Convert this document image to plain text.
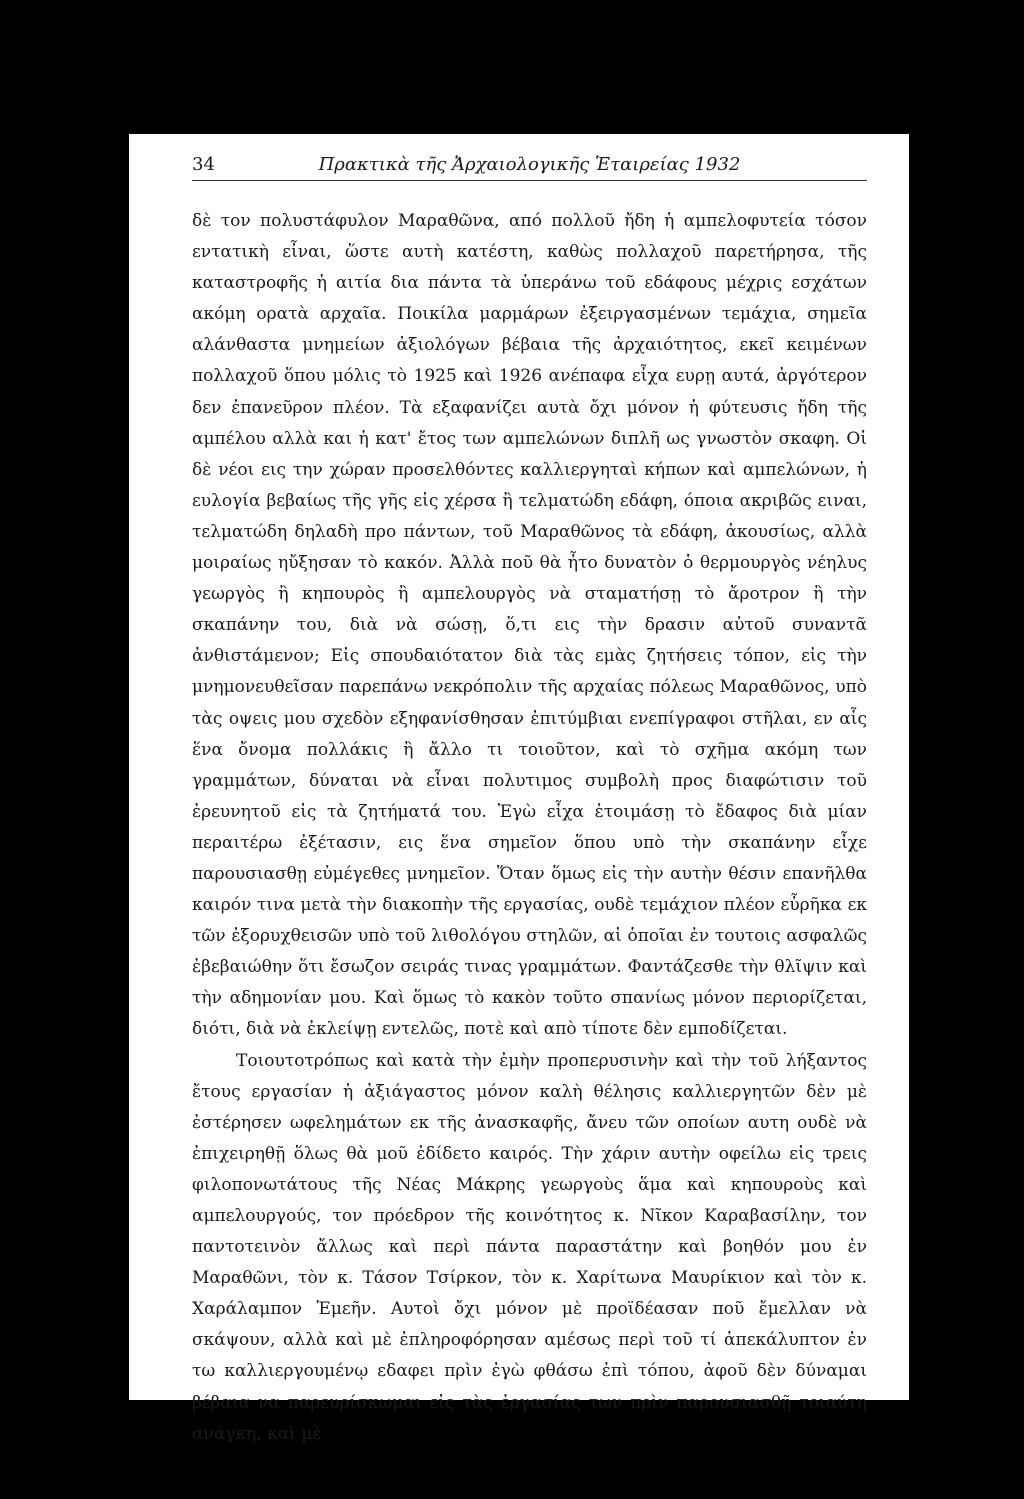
34	Πρακτικὰ τῆς Ἀρχαιολογικῆς Ἑταιρείας 1932

δὲ τον πολυστάφυλον Μαραθῶνα, από πολλοῦ ἤδη ἡ αμπελοφυτεία τόσον εντατικὴ εἶναι, ὥστε αυτὴ κατέστη, καθὼς πολλαχοῦ παρετήρησα, τῆς καταστροφῆς ἡ αιτία δια πάντα τὰ ὑπεράνω τοῦ εδάφους μέχρις εσχάτων ακόμη ορατὰ αρχαῖα. Ποικίλα μαρμάρων ἐξειργασμένων τεμάχια, σημεῖα αλάνθαστα μνημείων ἀξιολόγων βέβαια τῆς ἀρχαιότητος, εκεῖ κειμένων πολλαχοῦ ὅπου μόλις τὸ 1925 καὶ 1926 ανέπαφα εἶχα ευρῃ αυτά, ἀργότερον δεν ἐπανεῦρον πλέον. Τὰ εξαφανίζει αυτὰ ὄχι μόνον ἡ φύτευσις ἤδη τῆς αμπέλου αλλὰ και ἡ κατ' ἔτος των αμπελώνων διπλῆ ως γνωστὸν σκαφη. Οἱ δὲ νέοι εις την χώραν προσελθόντες καλλιεργηταὶ κήπων καὶ αμπελώνων, ἡ ευλογία βεβαίως τῆς γῆς εἰς χέρσα ἢ τελματώδη εδάφη, όποια ακριβῶς ειναι, τελματώδη δηλαδὴ προ πάντων, τοῦ Μαραθῶνος τὰ εδάφη, ἀκουσίως, αλλὰ μοιραίως ηὔξησαν τὸ κακόν. Ἀλλὰ ποῦ θὰ ἦτο δυνατὸν ὁ θερμουργὸς νέηλυς γεωργὸς ἢ κηπουρὸς ἢ αμπελουργὸς νὰ σταματήσῃ τὸ ἄροτρον ἢ τὴν σκαπάνην του, διὰ νὰ σώσῃ, ὅ,τι εις τὴν δρασιν αὐτοῦ συναντᾶ ἀνθιστάμενον; Εἰς σπουδαιότατον διὰ τὰς εμὰς ζητήσεις τόπον, εἰς τὴν μνημονευθεῖσαν παρεπάνω νεκρόπολιν τῆς αρχαίας πόλεως Μαραθῶνος, υπὸ τὰς οψεις μου σχεδὸν εξηφανίσθησαν ἐπιτύμβιαι ενεπίγραφοι στῆλαι, εν αἷς ἕνα ὄνομα πολλάκις ἢ ἄλλο τι τοιοῦτον, καὶ τὸ σχῆμα ακόμη των γραμμάτων, δύναται νὰ εἶναι πολυτιμος συμβολὴ προς διαφώτισιν τοῦ ἐρευνητοῦ εἰς τὰ ζητήματά του. Ἐγὼ εἶχα ἑτοιμάσῃ τὸ ἔδαφος διὰ μίαν περαιτέρω ἐξέτασιν, εις ἕνα σημεῖον ὅπου υπὸ τὴν σκαπάνην εἶχε παρουσιασθῃ εὐμέγεθες μνημεῖον. Ὅταν ὅμως εἰς τὴν αυτὴν θέσιν επανῆλθα καιρόν τινα μετὰ τὴν διακοπὴν τῆς εργασίας, ουδὲ τεμάχιον πλέον εὗρῆκα εκ τῶν ἐξορυχθεισῶν υπὸ τοῦ λιθολόγου στηλῶν, αἱ ὁποῖαι ἐν τουτοις ασφαλῶς ἐβεβαιώθην ὅτι ἔσωζον σειράς τινας γραμμάτων. Φαντάζεσθε τὴν θλῖψιν καὶ τὴν αδημονίαν μου. Καὶ ὅμως τὸ κακὸν τοῦτο σπανίως μόνον περιορίζεται, διότι, διὰ νὰ ἐκλείψῃ εντελῶς, ποτὲ καὶ απὸ τίποτε δὲν εμποδίζεται.

Τοιουτοτρόπως καὶ κατὰ τὴν ἐμὴν προπερυσινὴν καὶ τὴν τοῦ λήξαντος ἔτους εργασίαν ἡ ἀξιάγαστος μόνον καλὴ θέλησις καλλιεργητῶν δὲν μὲ ἐστέρησεν ωφελημάτων εκ τῆς ἀνασκαφῆς, ἄνευ τῶν οποίων αυτη ουδὲ νὰ ἐπιχειρηθῇ ὅλως θὰ μοῦ ἐδίδετο καιρός. Τὴν χάριν αυτὴν οφείλω εἰς τρεις φιλοπονωτάτους τῆς Νέας Μάκρης γεωργοὺς ἅμα καὶ κηπουροὺς καὶ αμπελουργούς, τον πρόεδρον τῆς κοινότητος κ. Νῖκον Καραβασίλην, τον παντοτεινὸν ἄλλως καὶ περὶ πάντα παραστάτην καὶ βοηθόν μου ἐν Μαραθῶνι, τὸν κ. Τάσον Τσίρκον, τὸν κ. Χαρίτωνα Μαυρίκιον καὶ τὸν κ. Χαράλαμπον Ἐμεῆν. Αυτοὶ ὄχι μόνον μὲ προϊδέασαν ποῦ ἔμελλαν νὰ σκάψουν, αλλὰ καὶ μὲ ἐπληροφόρησαν αμέσως περὶ τοῦ τί ἀπεκάλυπτον ἐν τω καλλιεργουμένῳ εδαφει πρὶν ἐγὼ φθάσω ἐπὶ τόπου, ἀφοῦ δὲν δύναμαι βέβαια να παρευρίσκωμαι εἰς τὰς ἐργασίας των πρὶν παρουσιασθῇ τοιαύτη ανάγκη, καὶ μὲ
